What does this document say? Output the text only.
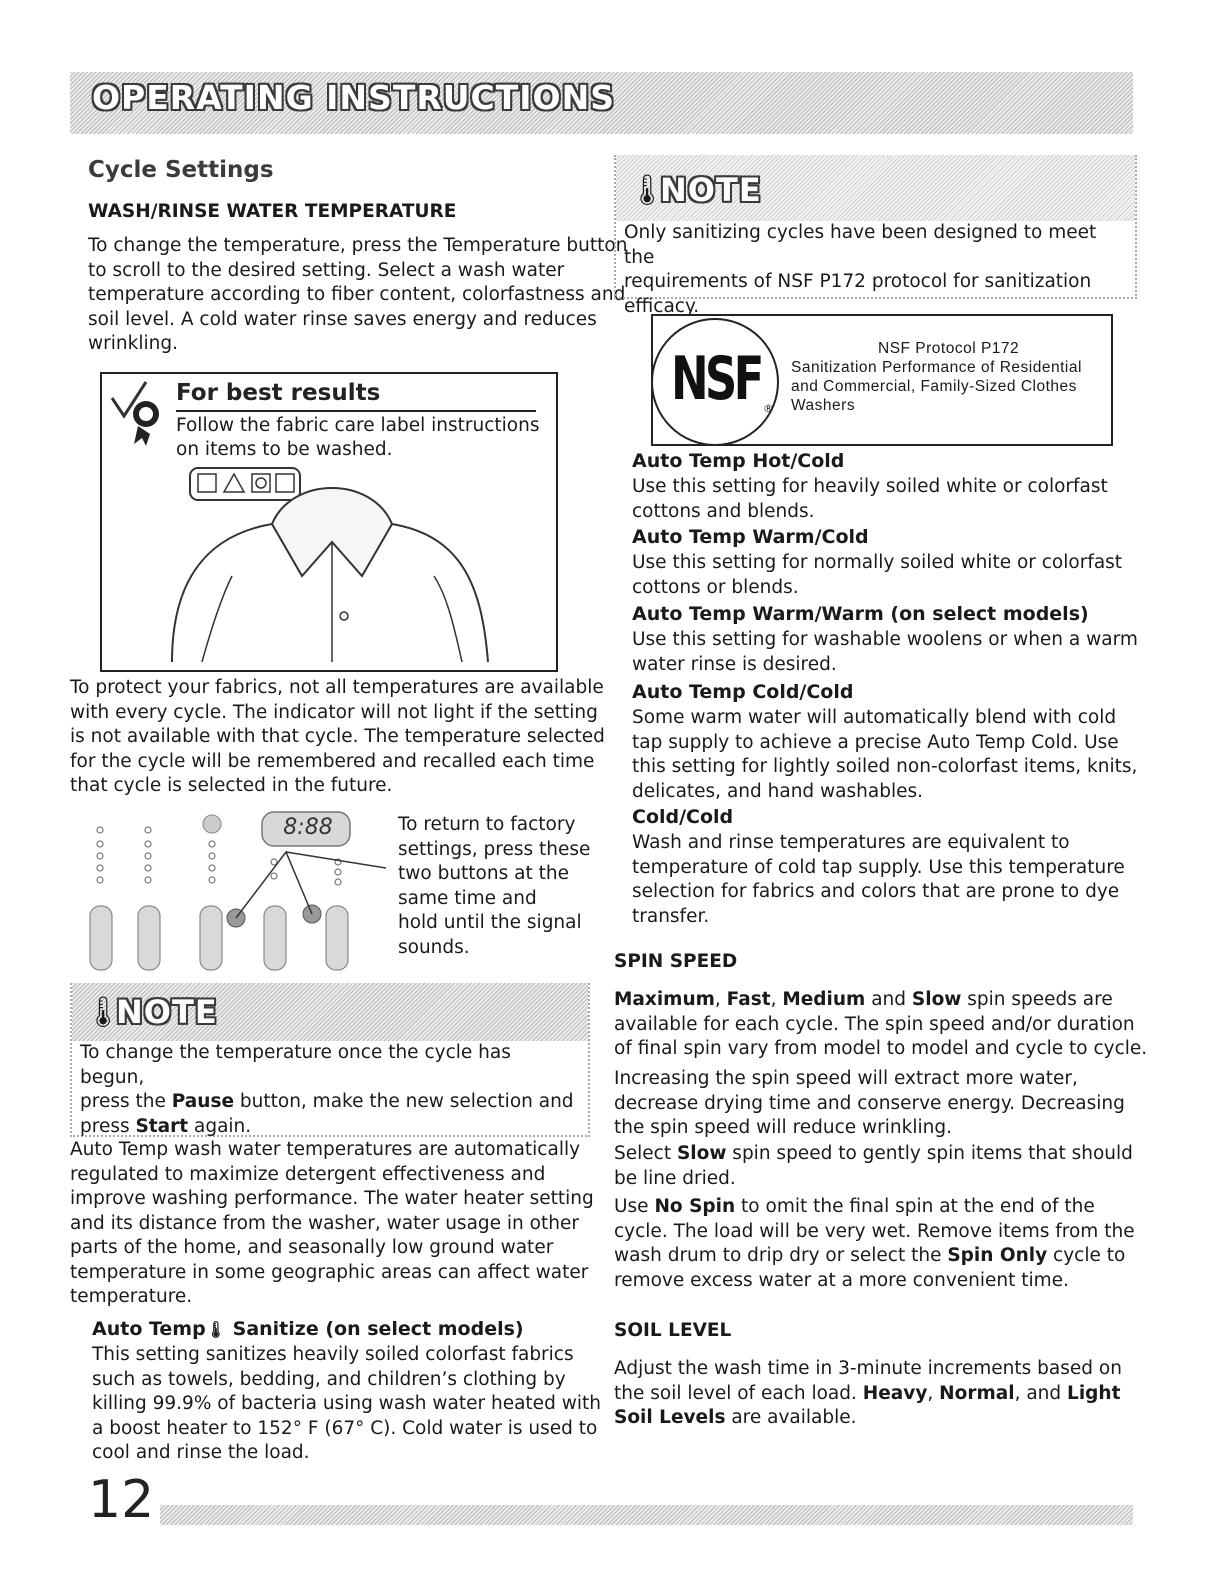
OPERATING INSTRUCTIONS
Cycle Settings
WASH/RINSE WATER TEMPERATURE
To change the temperature, press the Temperature button
to scroll to the desired setting. Select a wash water
temperature according to fiber content, colorfastness and
soil level. A cold water rinse saves energy and reduces
wrinkling.
For best results
Follow the fabric care label instructions
on items to be washed.
To protect your fabrics, not all temperatures are available
with every cycle. The indicator will not light if the setting
is not available with that cycle. The temperature selected
for the cycle will be remembered and recalled each time
that cycle is selected in the future.
8:88	To return to factory
settings, press these
two buttons at the
same time and
hold until the signal
sounds.
🌡
NOTE
To change the temperature once the cycle has begun,
press the Pause button, make the new selection and
press Start again.
Auto Temp wash water temperatures are automatically
regulated to maximize detergent effectiveness and
improve washing performance. The water heater setting
and its distance from the washer, water usage in other
parts of the home, and seasonally low ground water
temperature in some geographic areas can affect water
temperature.
Auto Temp🌡 Sanitize (on select models)
This setting sanitizes heavily soiled colorfast fabrics
such as towels, bedding, and children’s clothing by
killing 99.9% of bacteria using wash water heated with
a boost heater to 152° F (67° C). Cold water is used to
cool and rinse the load.
🌡
NOTE
Only sanitizing cycles have been designed to meet the
requirements of NSF P172 protocol for sanitization
efficacy.
NSF ®
NSF Protocol P172
Sanitization Performance of Residential
and Commercial, Family-Sized Clothes
Washers
Auto Temp Hot/Cold
Use this setting for heavily soiled white or colorfast
cottons and blends.
Auto Temp Warm/Cold
Use this setting for normally soiled white or colorfast
cottons or blends.
Auto Temp Warm/Warm (on select models)
Use this setting for washable woolens or when a warm
water rinse is desired.
Auto Temp Cold/Cold
Some warm water will automatically blend with cold
tap supply to achieve a precise Auto Temp Cold. Use
this setting for lightly soiled non-colorfast items, knits,
delicates, and hand washables.
Cold/Cold
Wash and rinse temperatures are equivalent to
temperature of cold tap supply. Use this temperature
selection for fabrics and colors that are prone to dye
transfer.
SPIN SPEED
Maximum, Fast, Medium and Slow spin speeds are
available for each cycle. The spin speed and/or duration
of final spin vary from model to model and cycle to cycle.
Increasing the spin speed will extract more water,
decrease drying time and conserve energy. Decreasing
the spin speed will reduce wrinkling.
Select Slow spin speed to gently spin items that should
be line dried.
Use No Spin to omit the final spin at the end of the
cycle. The load will be very wet. Remove items from the
wash drum to drip dry or select the Spin Only cycle to
remove excess water at a more convenient time.
SOIL LEVEL
Adjust the wash time in 3-minute increments based on
the soil level of each load. Heavy, Normal, and Light
Soil Levels are available.
12
